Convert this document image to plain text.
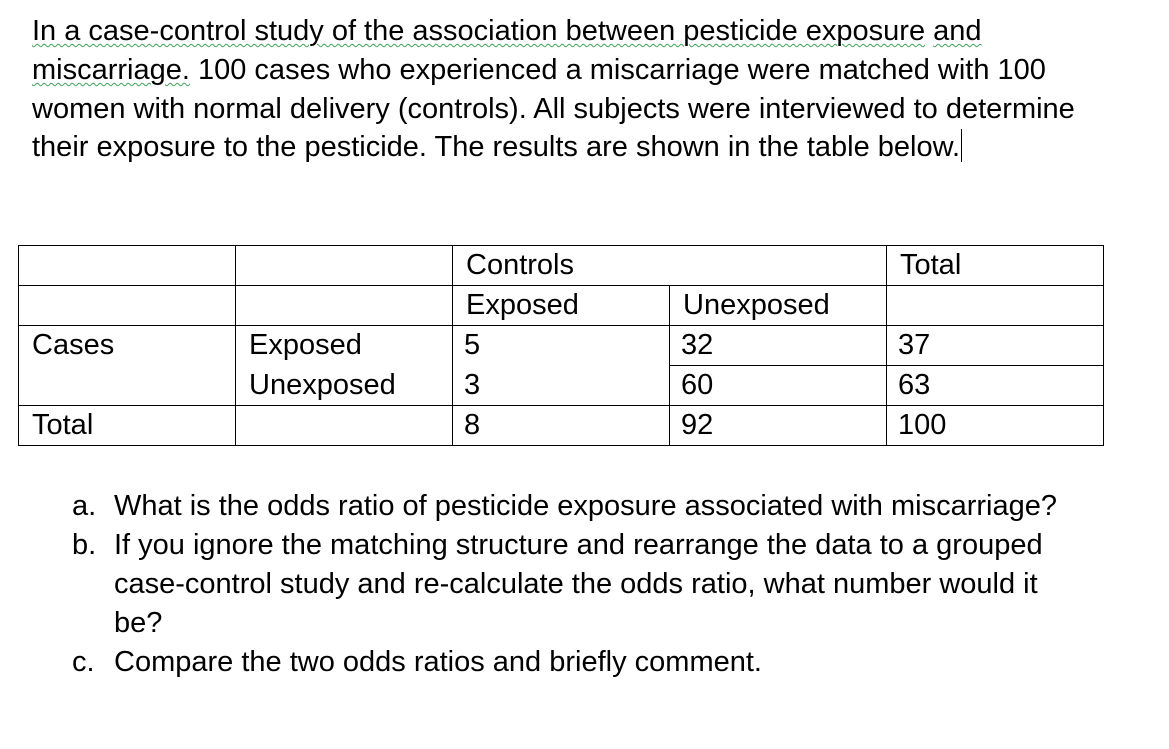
In a case-control study of the association between pesticide exposure and miscarriage. 100 cases who experienced a miscarriage were matched with 100 women with normal delivery (controls). All subjects were interviewed to determine their exposure to the pesticide. The results are shown in the table below.

		Controls		Total
		Exposed	Unexposed	
Cases	Exposed	5	32	37
	Unexposed	3	60	63
Total		8	92	100
a. What is the odds ratio of pesticide exposure associated with miscarriage?
b. If you ignore the matching structure and rearrange the data to a grouped case-control study and re-calculate the odds ratio, what number would it be?
c. Compare the two odds ratios and briefly comment.
